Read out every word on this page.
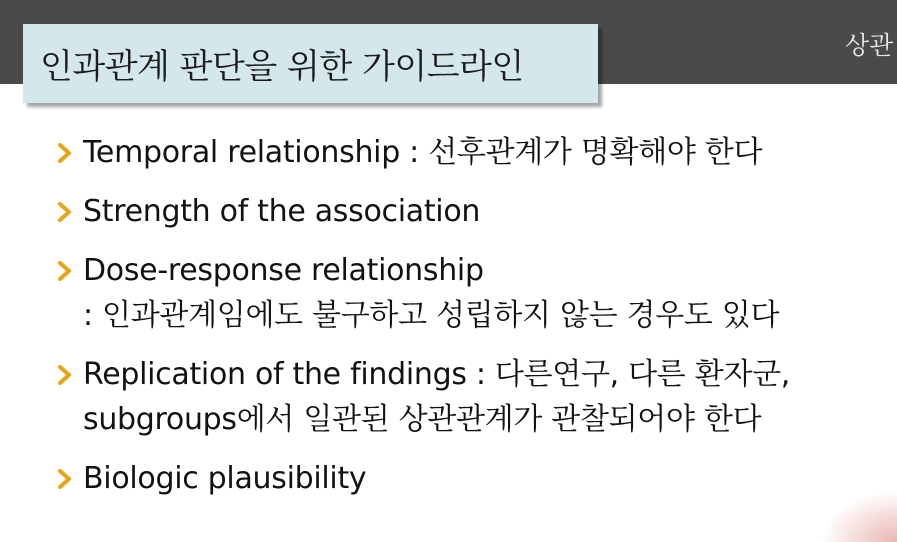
인과관계 판단을 위한 가이드라인
상관
Temporal relationship : 선후관계가 명확해야 한다
Strength of the association
Dose-response relationship
: 인과관계임에도 불구하고 성립하지 않는 경우도 있다
Replication of the findings : 다른연구, 다른 환자군,
subgroups에서 일관된 상관관계가 관찰되어야 한다
Biologic plausibility
